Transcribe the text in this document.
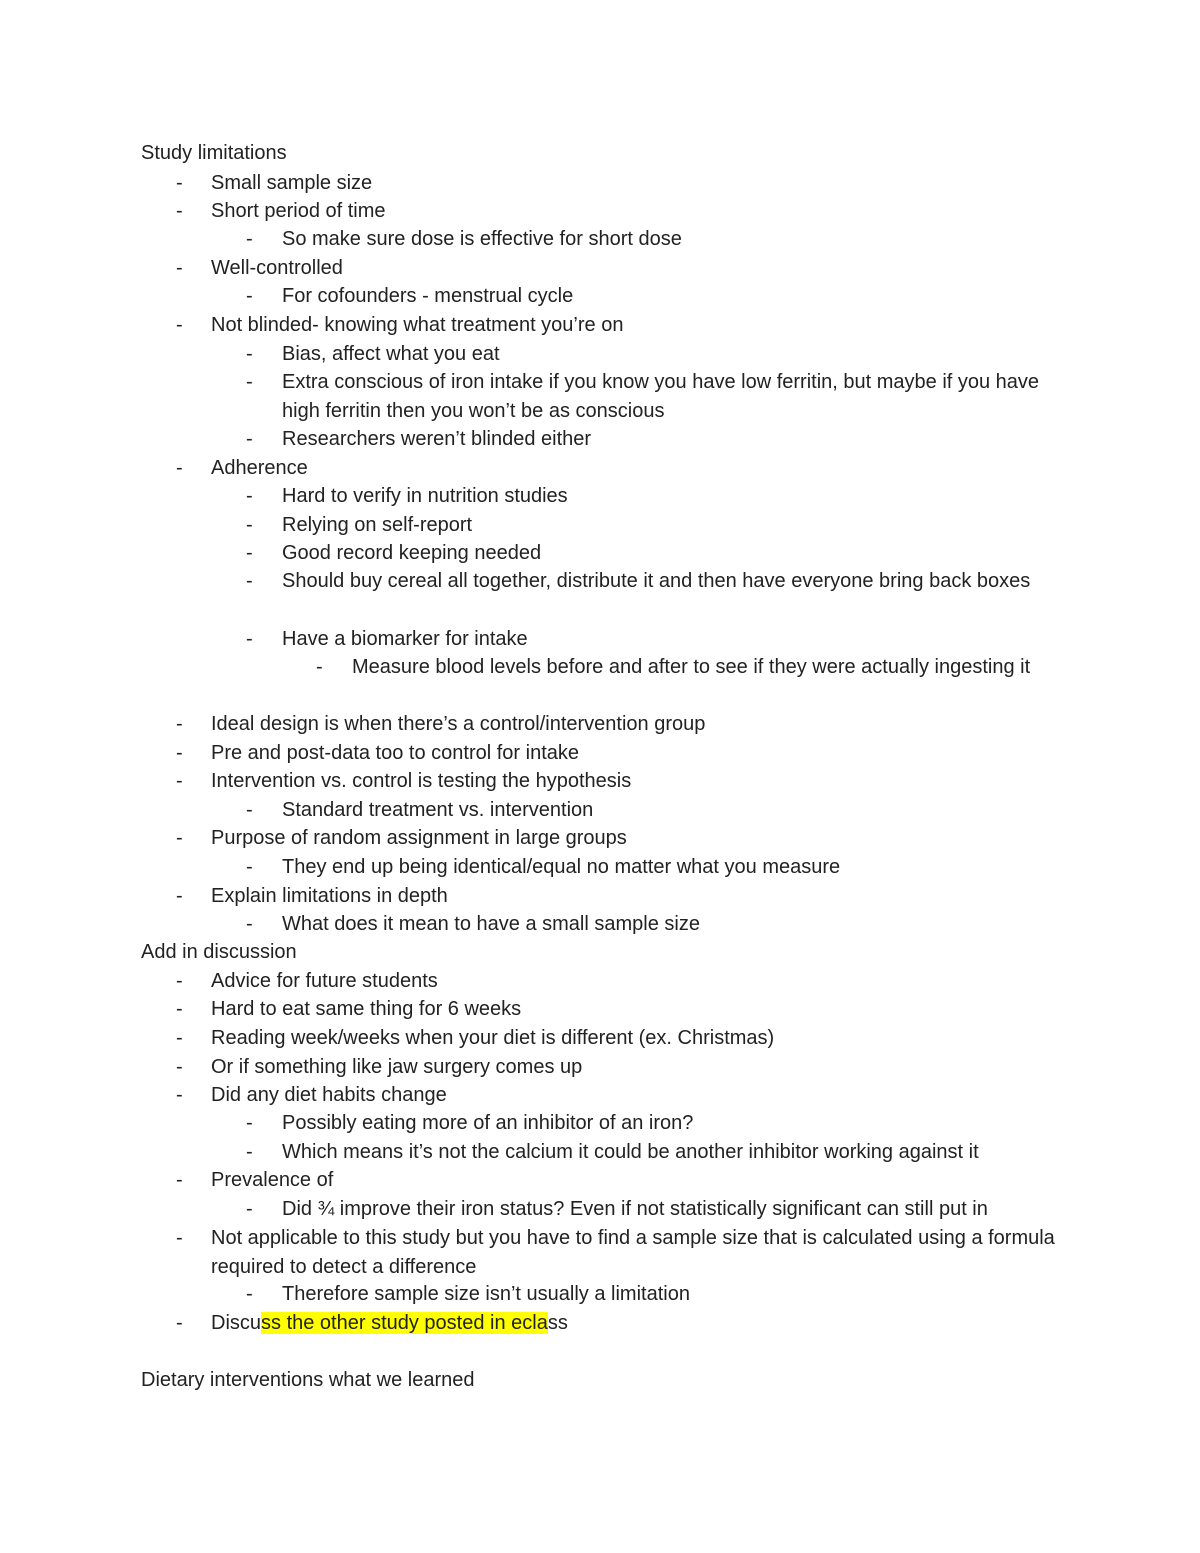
Study limitations
- Small sample size
- Short period of time
- So make sure dose is effective for short dose
- Well-controlled
- For cofounders - menstrual cycle
- Not blinded- knowing what treatment you’re on
- Bias, affect what you eat
- Extra conscious of iron intake if you know you have low ferritin, but maybe if you have high ferritin then you won’t be as conscious
- Researchers weren’t blinded either
- Adherence
- Hard to verify in nutrition studies
- Relying on self-report
- Good record keeping needed
- Should buy cereal all together, distribute it and then have everyone bring back boxes
- Have a biomarker for intake
- Measure blood levels before and after to see if they were actually ingesting it
- Ideal design is when there’s a control/intervention group
- Pre and post-data too to control for intake
- Intervention vs. control is testing the hypothesis
- Standard treatment vs. intervention
- Purpose of random assignment in large groups
- They end up being identical/equal no matter what you measure
- Explain limitations in depth
- What does it mean to have a small sample size
Add in discussion
- Advice for future students
- Hard to eat same thing for 6 weeks
- Reading week/weeks when your diet is different (ex. Christmas)
- Or if something like jaw surgery comes up
- Did any diet habits change
- Possibly eating more of an inhibitor of an iron?
- Which means it’s not the calcium it could be another inhibitor working against it
- Prevalence of
- Did ¾ improve their iron status? Even if not statistically significant can still put in
- Not applicable to this study but you have to find a sample size that is calculated using a formula required to detect a difference
- Therefore sample size isn’t usually a limitation
- Discuss the other study posted in eclass
Dietary interventions what we learned
